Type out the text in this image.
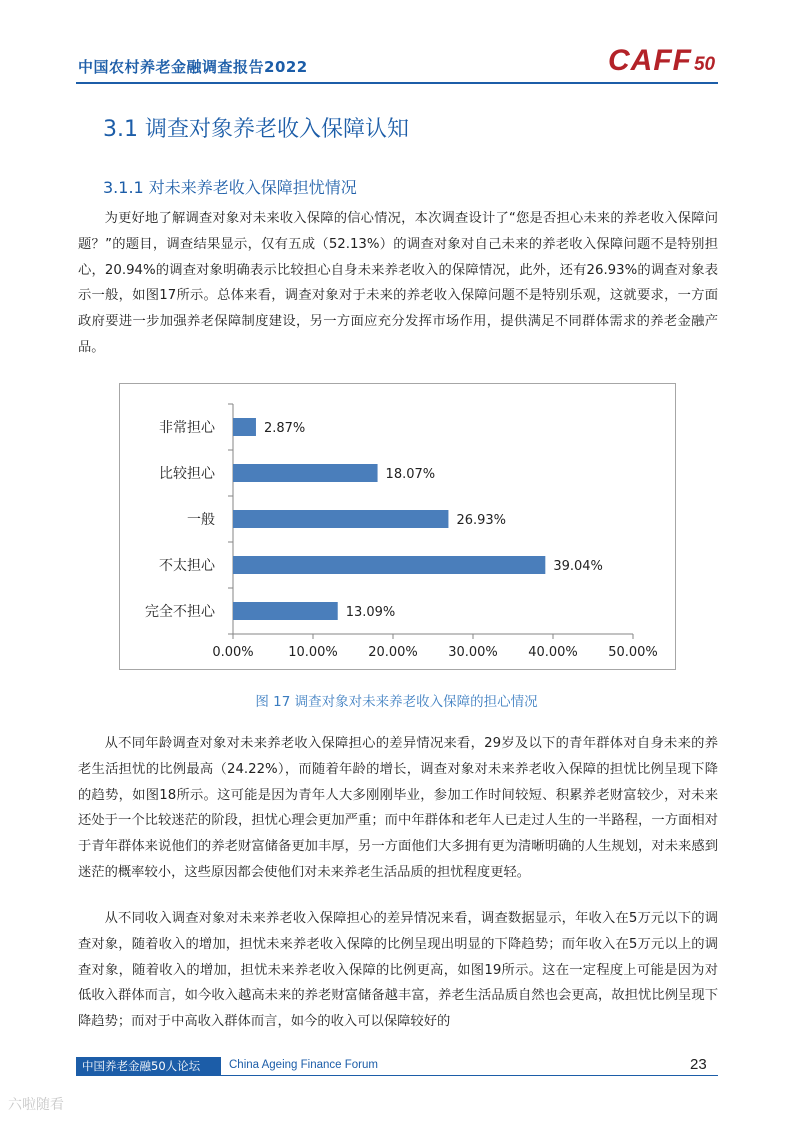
中国农村养老金融调查报告2022	CAFF 50
3.1 调查对象养老收入保障认知
3.1.1 对未来养老收入保障担忧情况

为更好地了解调查对象对未来收入保障的信心情况，本次调查设计了“您是否担心未来的养老收入保障问题？”的题目，调查结果显示，仅有五成（52.13%）的调查对象对自己未来的养老收入保障问题不是特别担心，20.94%的调查对象明确表示比较担心自身未来养老收入的保障情况，此外，还有26.93%的调查对象表示一般，如图17所示。总体来看，调查对象对于未来的养老收入保障问题不是特别乐观，这就要求，一方面政府要进一步加强养老保障制度建设，另一方面应充分发挥市场作用，提供满足不同群体需求的养老金融产品。

非常担心	2.87%
比较担心	18.07%
一般	26.93%
不太担心	39.04%
完全不担心	13.09%
0.00%	10.00% 20.00% 30.00% 40.00% 50.00%
图 17 调查对象对未来养老收入保障的担心情况

从不同年龄调查对象对未来养老收入保障担心的差异情况来看，29岁及以下的青年群体对自身未来的养老生活担忧的比例最高（24.22%），而随着年龄的增长，调查对象对未来养老收入保障的担忧比例呈现下降的趋势，如图18所示。这可能是因为青年人大多刚刚毕业，参加工作时间较短、积累养老财富较少，对未来还处于一个比较迷茫的阶段，担忧心理会更加严重；而中年群体和老年人已走过人生的一半路程，一方面相对于青年群体来说他们的养老财富储备更加丰厚，另一方面他们大多拥有更为清晰明确的人生规划，对未来感到迷茫的概率较小，这些原因都会使他们对未来养老生活品质的担忧程度更轻。

从不同收入调查对象对未来养老收入保障担心的差异情况来看，调查数据显示，年收入在5万元以下的调查对象，随着收入的增加，担忧未来养老收入保障的比例呈现出明显的下降趋势；而年收入在5万元以上的调查对象，随着收入的增加，担忧未来养老收入保障的比例更高，如图19所示。这在一定程度上可能是因为对低收入群体而言，如今收入越高未来的养老财富储备越丰富，养老生活品质自然也会更高，故担忧比例呈现下降趋势；而对于中高收入群体而言，如今的收入可以保障较好的

中国养老金融50人论坛	China Ageing Finance Forum	23
六啦随看
